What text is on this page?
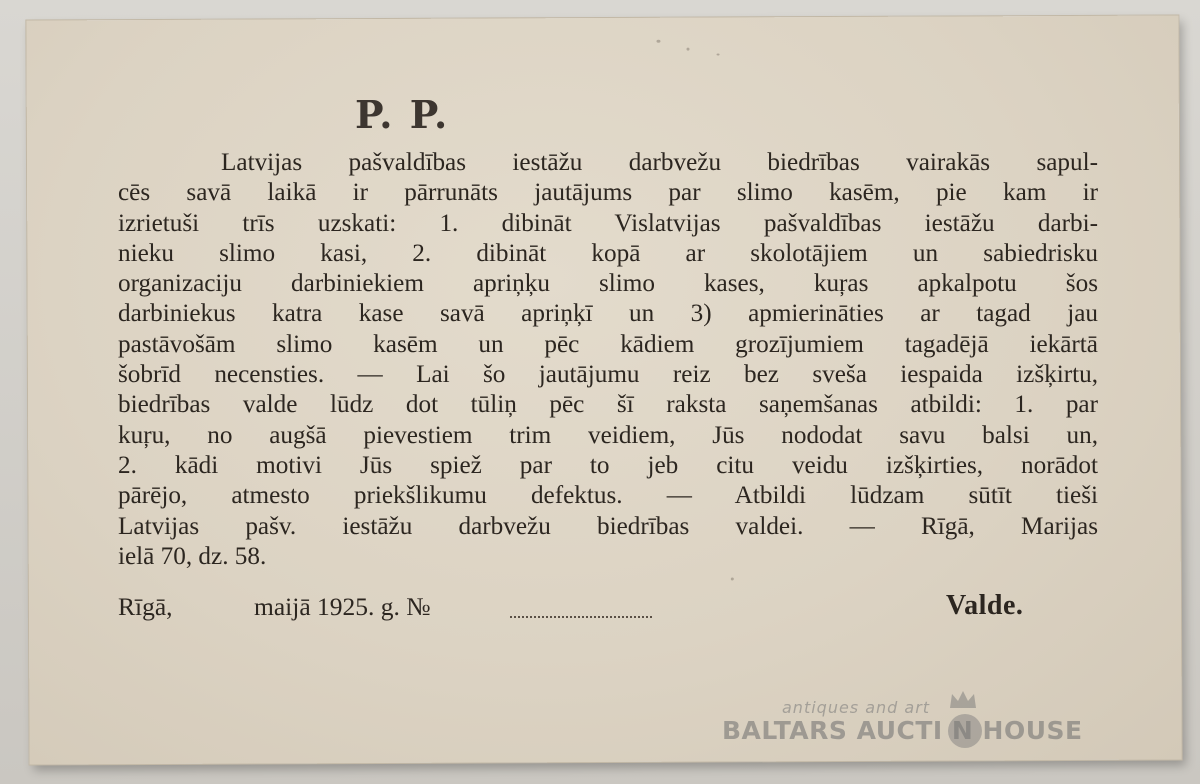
P. P.
Latvijas pašvaldības iestāžu darbvežu biedrības vairakās sapul-
cēs savā laikā ir pārrunāts jautājums par slimo kasēm, pie kam ir
izrietuši trīs uzskati: 1. dibināt Vislatvijas pašvaldības iestāžu darbi-
nieku slimo kasi, 2. dibināt kopā ar skolotājiem un sabiedrisku
organizaciju darbiniekiem apriņķu slimo kases, kuŗas apkalpotu šos
darbiniekus katra kase savā apriņķī un 3) apmierināties ar tagad jau
pastāvošām slimo kasēm un pēc kādiem grozījumiem tagadējā iekārtā
šobrīd necensties. — Lai šo jautājumu reiz bez sveša iespaida izšķirtu,
biedrības valde lūdz dot tūliņ pēc šī raksta saņemšanas atbildi: 1. par
kuŗu, no augšā pievestiem trim veidiem, Jūs nododat savu balsi un,
2. kādi motivi Jūs spiež par to jeb citu veidu izšķirties, norādot
pārējo, atmesto priekšlikumu defektus. — Atbildi lūdzam sūtīt tieši
Latvijas pašv. iestāžu darbvežu biedrības valdei. — Rīgā, Marijas
ielā 70, dz. 58.
Rīgā,	maijā 1925. g. №	Valde.
antiques and art
BALTARS AUCTI N HOUSE
